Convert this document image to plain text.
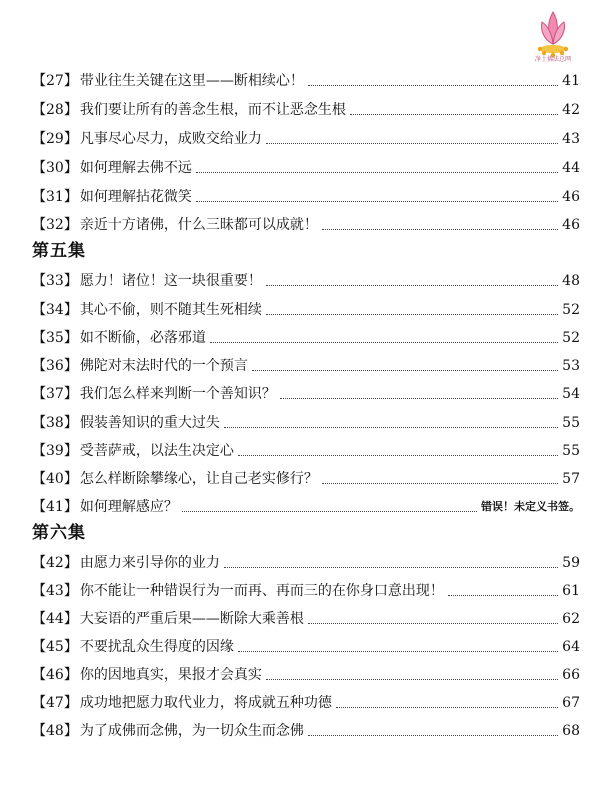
净土佛法总网
【27】 带业往生关键在这里——断相续心！	41
【28】 我们要让所有的善念生根，而不让恶念生根	42
【29】 凡事尽心尽力，成败交给业力	43
【30】 如何理解去佛不远	44
【31】 如何理解拈花微笑	46
【32】 亲近十方诸佛，什么三昧都可以成就！	46
第五集
【33】 愿力！诸位！这一块很重要！	48
【34】 其心不偷，则不随其生死相续	52
【35】 如不断偷，必落邪道	52
【36】 佛陀对末法时代的一个预言	53
【37】 我们怎么样来判断一个善知识？	54
【38】 假装善知识的重大过失	55
【39】 受菩萨戒，以法生决定心	55
【40】 怎么样断除攀缘心，让自己老实修行？	57
【41】 如何理解感应？	错误！未定义书签。
第六集
【42】 由愿力来引导你的业力	59
【43】 你不能让一种错误行为一而再、再而三的在你身口意出现！	61
【44】 大妄语的严重后果——断除大乘善根	62
【45】 不要扰乱众生得度的因缘	64
【46】 你的因地真实，果报才会真实	66
【47】 成功地把愿力取代业力，将成就五种功德	67
【48】 为了成佛而念佛，为一切众生而念佛	68
